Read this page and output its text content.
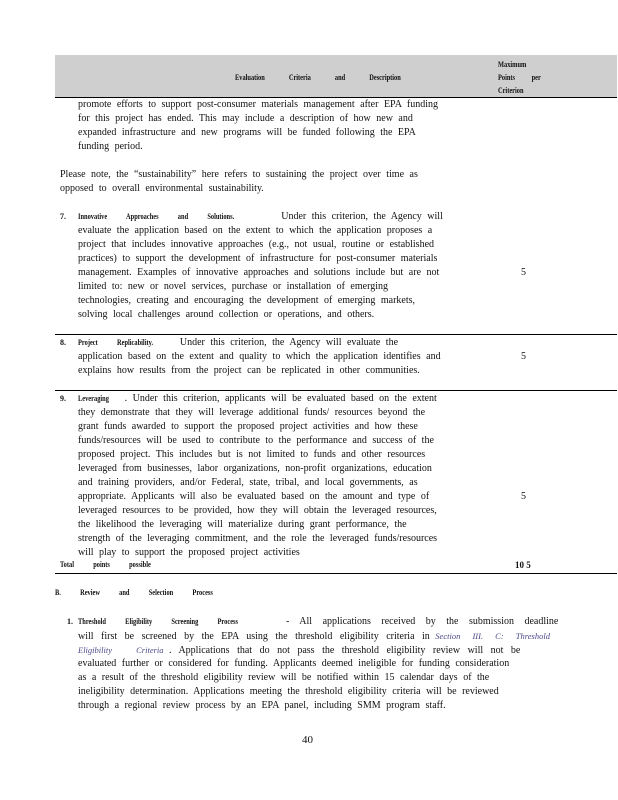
Evaluation Criteria and Description
Maximum
Points per
Criterion
promote efforts to support post-consumer materials management after EPA funding
for this project has ended. This may include a description of how new and
expanded infrastructure and new programs will be funded following the EPA
funding period.
Please note, the “sustainability” here refers to sustaining the project over time as
opposed to overall environmental sustainability.
7. Innovative Approaches and Solutions.	Under this criterion, the Agency will
evaluate the application based on the extent to which the application proposes a
project that includes innovative approaches (e.g., not usual, routine or established
practices) to support the development of infrastructure for post-consumer materials
management. Examples of innovative approaches and solutions include but are not
limited to: new or novel services, purchase or installation of emerging
technologies, creating and encouraging the development of emerging markets,
solving local challenges around collection or operations, and others.
5
8. Project Replicability.	Under this criterion, the Agency will evaluate the
application based on the extent and quality to which the application identifies and
explains how results from the project can be replicated in other communities.
5
9. Leveraging . Under this criterion, applicants will be evaluated based on the extent
they demonstrate that they will leverage additional funds/ resources beyond the
grant funds awarded to support the proposed project activities and how these
funds/resources will be used to contribute to the performance and success of the
proposed project. This includes but is not limited to funds and other resources
leveraged from businesses, labor organizations, non-profit organizations, education
and training providers, and/or Federal, state, tribal, and local governments, as
appropriate. Applicants will also be evaluated based on the amount and type of
leveraged resources to be provided, how they will obtain the leveraged resources,
the likelihood the leveraging will materialize during grant performance, the
strength of the leveraging commitment, and the role the leveraged funds/resources
will play to support the proposed project activities
5
Total points possible	10 5
B. Review and Selection Process
1. Threshold Eligibility Screening Process	- All applications received by the submission deadline
will first be screened by the EPA using the threshold eligibility criteria in Section III. C: Threshold
Eligibility Criteria . Applications that do not pass the threshold eligibility review will not be
evaluated further or considered for funding. Applicants deemed ineligible for funding consideration
as a result of the threshold eligibility review will be notified within 15 calendar days of the
ineligibility determination. Applications meeting the threshold eligibility criteria will be reviewed
through a regional review process by an EPA panel, including SMM program staff.
40
